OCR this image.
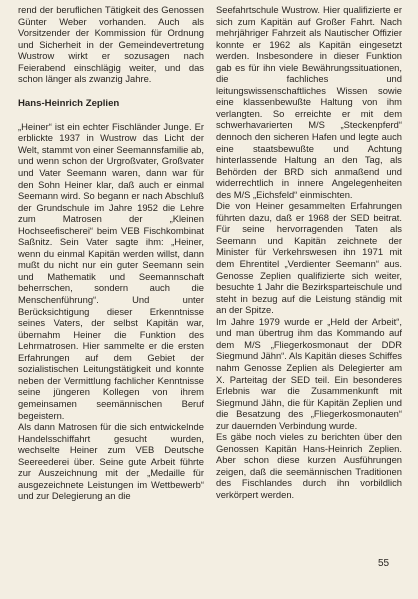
rend der beruflichen Tätigkeit des Genossen Günter Weber vorhanden. Auch als Vorsitzender der Kommission für Ordnung und Sicherheit in der Gemeindevertretung Wustrow wirkt er sozusagen nach Feierabend einschlägig weiter, und das schon länger als zwanzig Jahre.

Hans-Heinrich Zeplien

„Heiner“ ist ein echter Fischländer Junge. Er erblickte 1937 in Wustrow das Licht der Welt, stammt von einer Seemannsfamilie ab, und wenn schon der Urgroßvater, Großvater und Vater Seemann waren, dann war für den Sohn Heiner klar, daß auch er einmal Seemann wird. So begann er nach Abschluß der Grundschule im Jahre 1952 die Lehre zum Matrosen der „Kleinen Hochseefischerei“ beim VEB Fischkombinat Saßnitz. Sein Vater sagte ihm: „Heiner, wenn du einmal Kapitän werden willst, dann mußt du nicht nur ein guter Seemann sein und Mathematik und Seemannschaft beherrschen, sondern auch die Menschenführung“. Und unter Berücksichtigung dieser Erkenntnisse seines Vaters, der selbst Kapitän war, übernahm Heiner die Funktion des Lehrmatrosen. Hier sammelte er die ersten Erfahrungen auf dem Gebiet der sozialistischen Leitungstätigkeit und konnte neben der Vermittlung fachlicher Kenntnisse seine jüngeren Kollegen von ihrem gemeinsamen seemännischen Beruf begeistern.

Als dann Matrosen für die sich entwickelnde Handelsschiffahrt gesucht wurden, wechselte Heiner zum VEB Deutsche Seereederei über. Seine gute Arbeit führte zur Auszeichnung mit der „Medaille für ausgezeichnete Leistungen im Wettbewerb“ und zur Delegierung an die

Seefahrtschule Wustrow. Hier qualifizierte er sich zum Kapitän auf Großer Fahrt. Nach mehrjähriger Fahrzeit als Nautischer Offizier konnte er 1962 als Kapitän eingesetzt werden. Insbesondere in dieser Funktion gab es für ihn viele Bewährungssituationen, die fachliches und leitungswissenschaftliches Wissen sowie eine klassenbewußte Haltung von ihm verlangten. So erreichte er mit dem schwerhavarierten M/S „Steckenpferd“ dennoch den sicheren Hafen und legte auch eine staatsbewußte und Achtung hinterlassende Haltung an den Tag, als Behörden der BRD sich anmaßend und widerrechtlich in innere Angelegenheiten des M/S „Eichsfeld“ einmischten.

Die von Heiner gesammelten Erfahrungen führten dazu, daß er 1968 der SED beitrat. Für seine hervorragenden Taten als Seemann und Kapitän zeichnete der Minister für Verkehrswesen ihn 1971 mit dem Ehrentitel „Verdienter Seemann“ aus. Genosse Zeplien qualifizierte sich weiter, besuchte 1 Jahr die Bezirksparteischule und steht in bezug auf die Leistung ständig mit an der Spitze.

Im Jahre 1979 wurde er „Held der Arbeit“, und man übertrug ihm das Kommando auf dem M/S „Fliegerkosmonaut der DDR Siegmund Jähn“. Als Kapitän dieses Schiffes nahm Genosse Zeplien als Delegierter am X. Parteitag der SED teil. Ein besonderes Erlebnis war die Zusammenkunft mit Siegmund Jähn, die für Kapitän Zeplien und die Besatzung des „Fliegerkosmonauten“ zur dauernden Verbindung wurde.

Es gäbe noch vieles zu berichten über den Genossen Kapitän Hans-Heinrich Zeplien. Aber schon diese kurzen Ausführungen zeigen, daß die seemännischen Traditionen des Fischlandes durch ihn vorbildlich verkörpert werden.

55
